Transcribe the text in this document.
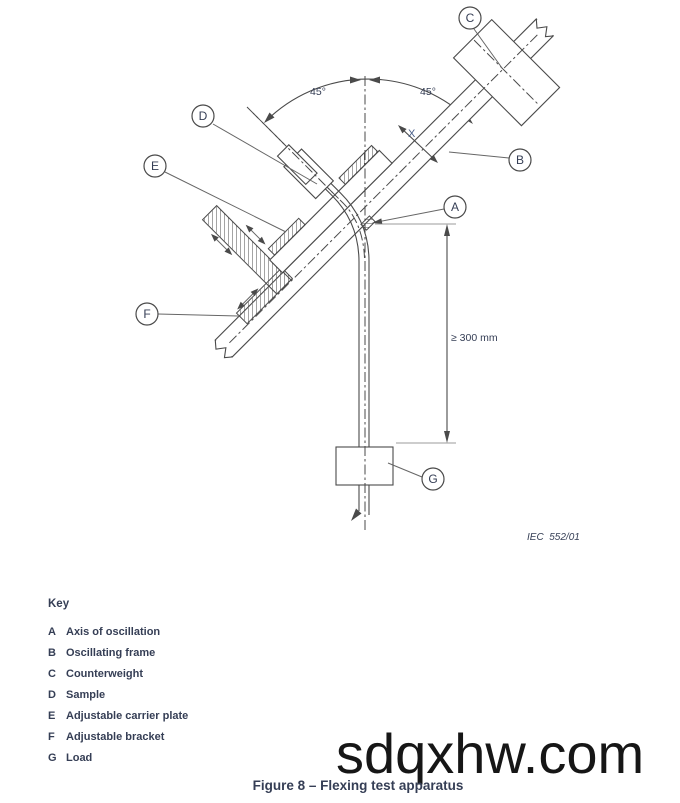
45°	45°
≥ 300 mm
X
A
B
C
D
E
F
G
IEC  552/01
Key
A Axis of oscillation
B Oscillating frame
C Counterweight
D Sample
E Adjustable carrier plate
F	Adjustable bracket
G Load	sdqxhw.com
Figure 8 – Flexing test apparatus
